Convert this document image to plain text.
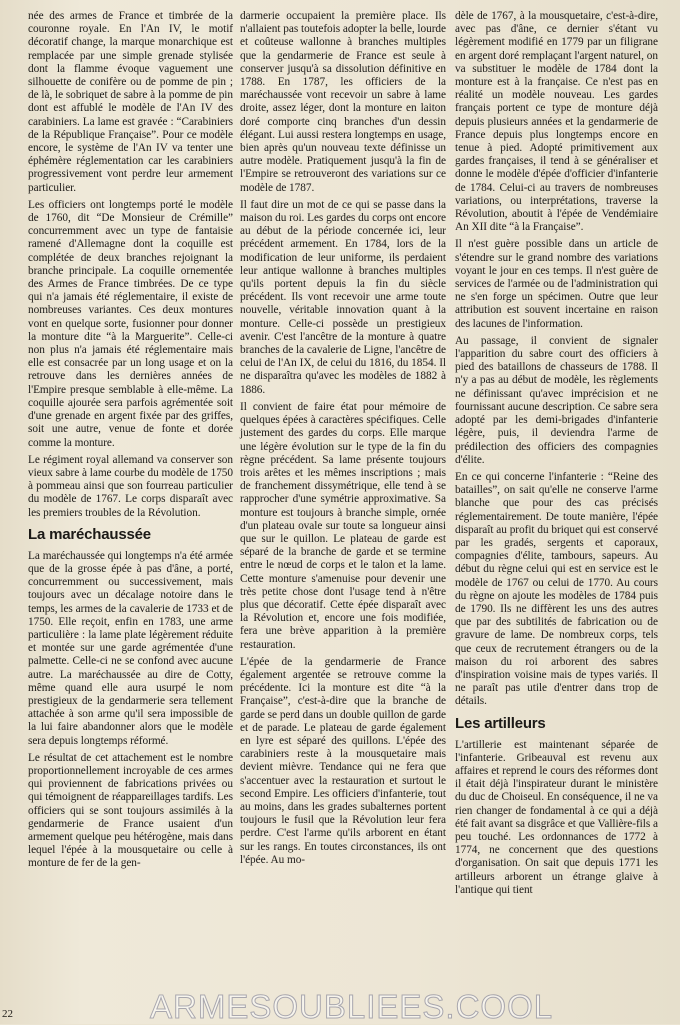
née des armes de France et timbrée de la couronne royale. En l'An IV, le motif décoratif change, la marque monarchique est remplacée par une simple grenade stylisée dont la flamme évoque vaguement une silhouette de conifère ou de pomme de pin ; de là, le sobriquet de sabre à la pomme de pin dont est affublé le modèle de l'An IV des carabiniers. La lame est gravée : “Carabiniers de la République Française”. Pour ce modèle encore, le système de l'An IV va tenter une éphémère réglementation car les carabiniers progressivement vont perdre leur armement particulier.

Les officiers ont longtemps porté le modèle de 1760, dit “De Monsieur de Crémille” concurremment avec un type de fantaisie ramené d'Allemagne dont la coquille est complétée de deux branches rejoignant la branche principale. La coquille ornementée des Armes de France timbrées. De ce type qui n'a jamais été réglementaire, il existe de nombreuses variantes. Ces deux montures vont en quelque sorte, fusionner pour donner la monture dite “à la Marguerite”. Celle-ci non plus n'a jamais été réglementaire mais elle est consacrée par un long usage et on la retrouve dans les dernières années de l'Empire presque semblable à elle-même. La coquille ajourée sera parfois agrémentée soit d'une grenade en argent fixée par des griffes, soit une autre, venue de fonte et dorée comme la monture.

Le régiment royal allemand va conserver son vieux sabre à lame courbe du modèle de 1750 à pommeau ainsi que son fourreau particulier du modèle de 1767. Le corps disparaît avec les premiers troubles de la Révolution.

La maréchaussée

La maréchaussée qui longtemps n'a été armée que de la grosse épée à pas d'âne, a porté, concurremment ou successivement, mais toujours avec un décalage notoire dans le temps, les armes de la cavalerie de 1733 et de 1750. Elle reçoit, enfin en 1783, une arme particulière : la lame plate légèrement réduite et montée sur une garde agrémentée d'une palmette. Celle-ci ne se confond avec aucune autre. La maréchaussée au dire de Cotty, même quand elle aura usurpé le nom prestigieux de la gendarmerie sera tellement attachée à son arme qu'il sera impossible de la lui faire abandonner alors que le modèle sera depuis longtemps réformé.

Le résultat de cet attachement est le nombre proportionnellement incroyable de ces armes qui proviennent de fabrications privées ou qui témoignent de réappareillages tardifs. Les officiers qui se sont toujours assimilés à la gendarmerie de France usaient d'un armement quelque peu hétérogène, mais dans lequel l'épée à la mousquetaire ou celle à monture de fer de la gen-

darmerie occupaient la première place. Ils n'allaient pas toutefois adopter la belle, lourde et coûteuse wallonne à branches multiples que la gendarmerie de France est seule à conserver jusqu'à sa dissolution définitive en 1788. En 1787, les officiers de la maréchaussée vont recevoir un sabre à lame droite, assez léger, dont la monture en laiton doré comporte cinq branches d'un dessin élégant. Lui aussi restera longtemps en usage, bien après qu'un nouveau texte définisse un autre modèle. Pratiquement jusqu'à la fin de l'Empire se retrouveront des variations sur ce modèle de 1787.

Il faut dire un mot de ce qui se passe dans la maison du roi. Les gardes du corps ont encore au début de la période concernée ici, leur précédent armement. En 1784, lors de la modification de leur uniforme, ils perdaient leur antique wallonne à branches multiples qu'ils portent depuis la fin du siècle précédent. Ils vont recevoir une arme toute nouvelle, véritable innovation quant à la monture. Celle-ci possède un prestigieux avenir. C'est l'ancêtre de la monture à quatre branches de la cavalerie de Ligne, l'ancêtre de celui de l'An IX, de celui du 1816, du 1854. Il ne disparaîtra qu'avec les modèles de 1882 à 1886.

Il convient de faire état pour mémoire de quelques épées à caractères spécifiques. Celle justement des gardes du corps. Elle marque une légère évolution sur le type de la fin du règne précédent. Sa lame présente toujours trois arêtes et les mêmes inscriptions ; mais de franchement dissymétrique, elle tend à se rapprocher d'une symétrie approximative. Sa monture est toujours à branche simple, ornée d'un plateau ovale sur toute sa longueur ainsi que sur le quillon. Le plateau de garde est séparé de la branche de garde et se termine entre le nœud de corps et le talon et la lame. Cette monture s'amenuise pour devenir une très petite chose dont l'usage tend à n'être plus que décoratif. Cette épée disparaît avec la Révolution et, encore une fois modifiée, fera une brève apparition à la première restauration.

L'épée de la gendarmerie de France également argentée se retrouve comme la précédente. Ici la monture est dite “à la Française”, c'est-à-dire que la branche de garde se perd dans un double quillon de garde et de parade. Le plateau de garde également en lyre est séparé des quillons. L'épée des carabiniers reste à la mousquetaire mais devient mièvre. Tendance qui ne fera que s'accentuer avec la restauration et surtout le second Empire. Les officiers d'infanterie, tout au moins, dans les grades subalternes portent toujours le fusil que la Révolution leur fera perdre. C'est l'arme qu'ils arborent en étant sur les rangs. En toutes circonstances, ils ont l'épée. Au mo-

dèle de 1767, à la mousquetaire, c'est-à-dire, avec pas d'âne, ce dernier s'étant vu légèrement modifié en 1779 par un filigrane en argent doré remplaçant l'argent naturel, on va substituer le modèle de 1784 dont la monture est à la française. Ce n'est pas en réalité un modèle nouveau. Les gardes français portent ce type de monture déjà depuis plusieurs années et la gendarmerie de France depuis plus longtemps encore en tenue à pied. Adopté primitivement aux gardes françaises, il tend à se généraliser et donne le modèle d'épée d'officier d'infanterie de 1784. Celui-ci au travers de nombreuses variations, ou interprétations, traverse la Révolution, aboutit à l'épée de Vendémiaire An XII dite “à la Française”.

Il n'est guère possible dans un article de s'étendre sur le grand nombre des variations voyant le jour en ces temps. Il n'est guère de services de l'armée ou de l'administration qui ne s'en forge un spécimen. Outre que leur attribution est souvent incertaine en raison des lacunes de l'information.

Au passage, il convient de signaler l'apparition du sabre court des officiers à pied des bataillons de chasseurs de 1788. Il n'y a pas au début de modèle, les règlements ne définissant qu'avec imprécision et ne fournissant aucune description. Ce sabre sera adopté par les demi-brigades d'infanterie légère, puis, il deviendra l'arme de prédilection des officiers des compagnies d'élite.

En ce qui concerne l'infanterie : “Reine des batailles”, on sait qu'elle ne conserve l'arme blanche que pour des cas précisés réglementairement. De toute manière, l'épée disparaît au profit du briquet qui est conservé par les gradés, sergents et caporaux, compagnies d'élite, tambours, sapeurs. Au début du règne celui qui est en service est le modèle de 1767 ou celui de 1770. Au cours du règne on ajoute les modèles de 1784 puis de 1790. Ils ne diffèrent les uns des autres que par des subtilités de fabrication ou de gravure de lame. De nombreux corps, tels que ceux de recrutement étrangers ou de la maison du roi arborent des sabres d'inspiration voisine mais de types variés. Il ne paraît pas utile d'entrer dans trop de détails.

Les artilleurs

L'artillerie est maintenant séparée de l'infanterie. Gribeauval est revenu aux affaires et reprend le cours des réformes dont il était déjà l'inspirateur durant le ministère du duc de Choiseul. En conséquence, il ne va rien changer de fondamental à ce qui a déjà été fait avant sa disgrâce et que Vallière-fils a peu touché. Les ordonnances de 1772 à 1774, ne concernent que des questions d'organisation. On sait que depuis 1771 les artilleurs arborent un étrange glaive à l'antique qui tient

22	ARMESOUBLIEES.COOL
